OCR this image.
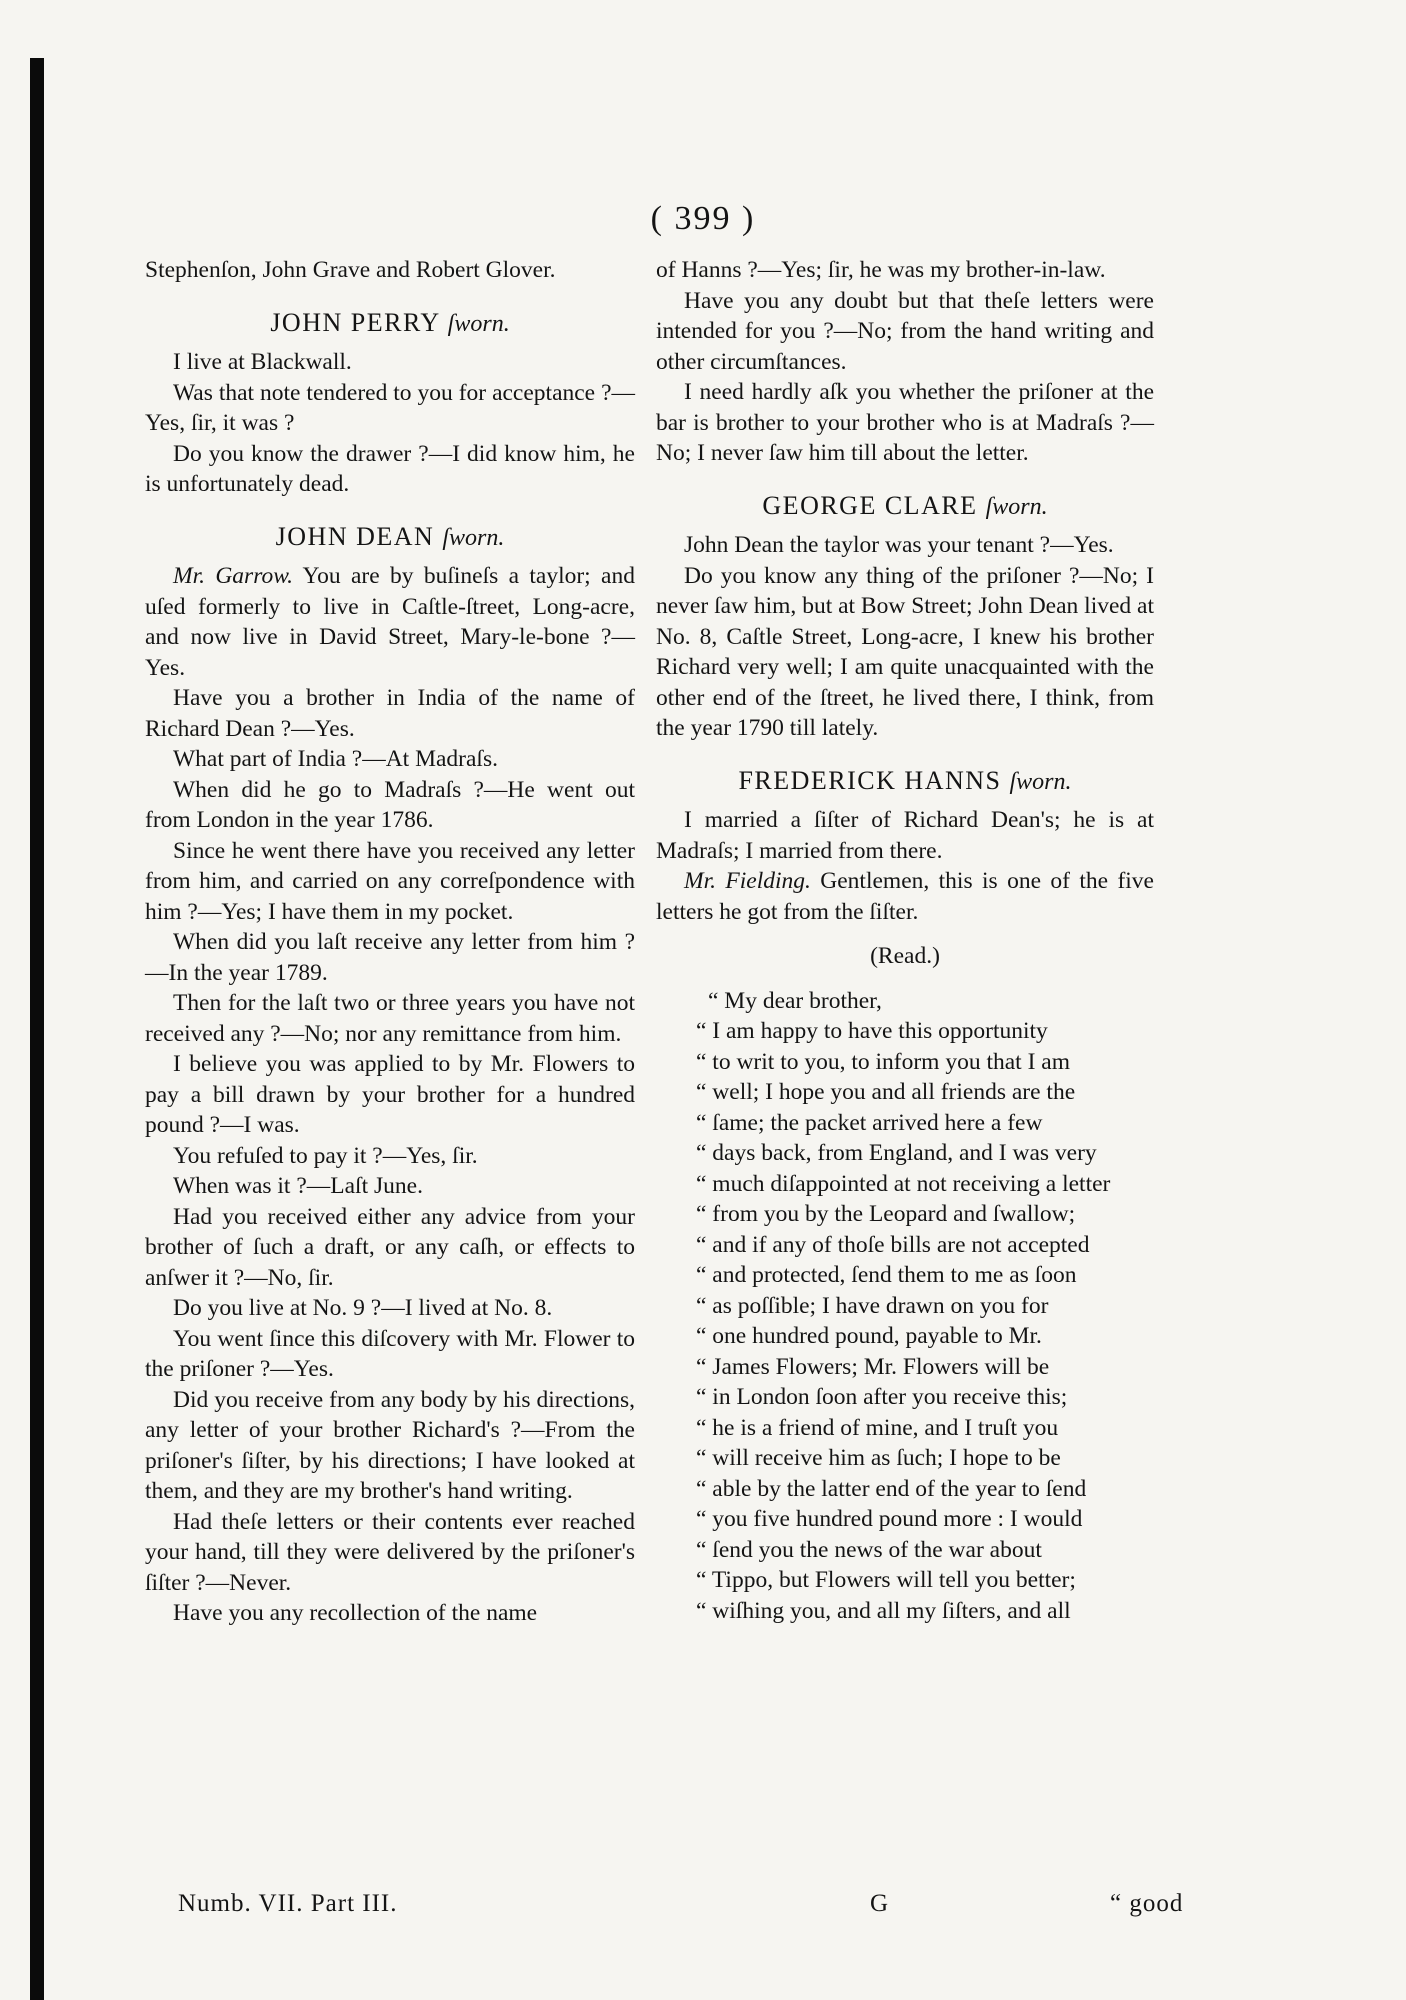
( 399 )

Stephenſon, John Grave and Robert Glover.

JOHN PERRY ſworn.

I live at Blackwall.

Was that note tendered to you for acceptance ?—Yes, ſir, it was ?

Do you know the drawer ?—I did know him, he is unfortunately dead.

JOHN DEAN ſworn.

Mr. Garrow. You are by buſineſs a taylor; and uſed formerly to live in Caſtle-ſtreet, Long-acre, and now live in David Street, Mary-le-bone ?—Yes.

Have you a brother in India of the name of Richard Dean ?—Yes.

What part of India ?—At Madraſs.

When did he go to Madraſs ?—He went out from London in the year 1786.

Since he went there have you received any letter from him, and carried on any correſpondence with him ?—Yes; I have them in my pocket.

When did you laſt receive any letter from him ?—In the year 1789.

Then for the laſt two or three years you have not received any ?—No; nor any remittance from him.

I believe you was applied to by Mr. Flowers to pay a bill drawn by your brother for a hundred pound ?—I was.

You refuſed to pay it ?—Yes, ſir.

When was it ?—Laſt June.

Had you received either any advice from your brother of ſuch a draft, or any caſh, or effects to anſwer it ?—No, ſir.

Do you live at No. 9 ?—I lived at No. 8.

You went ſince this diſcovery with Mr. Flower to the priſoner ?—Yes.

Did you receive from any body by his directions, any letter of your brother Richard's ?—From the priſoner's ſiſter, by his directions; I have looked at them, and they are my brother's hand writing.

Had theſe letters or their contents ever reached your hand, till they were delivered by the priſoner's ſiſter ?—Never.

Have you any recollection of the name

of Hanns ?—Yes; ſir, he was my brother-in-law.

Have you any doubt but that theſe letters were intended for you ?—No; from the hand writing and other circumſtances.

I need hardly aſk you whether the priſoner at the bar is brother to your brother who is at Madraſs ?—No; I never ſaw him till about the letter.

GEORGE CLARE ſworn.

John Dean the taylor was your tenant ?—Yes.

Do you know any thing of the priſoner ?—No; I never ſaw him, but at Bow Street; John Dean lived at No. 8, Caſtle Street, Long-acre, I knew his brother Richard very well; I am quite unacquainted with the other end of the ſtreet, he lived there, I think, from the year 1790 till lately.

FREDERICK HANNS ſworn.

I married a ſiſter of Richard Dean's; he is at Madraſs; I married from there.

Mr. Fielding. Gentlemen, this is one of the five letters he got from the ſiſter.

(Read.)

“ My dear brother,

“ I am happy to have this opportunity

“ to writ to you, to inform you that I am

“ well; I hope you and all friends are the

“ ſame; the packet arrived here a few

“ days back, from England, and I was very

“ much diſappointed at not receiving a letter

“ from you by the Leopard and ſwallow;

“ and if any of thoſe bills are not accepted

“ and protected, ſend them to me as ſoon

“ as poſſible; I have drawn on you for

“ one hundred pound, payable to Mr.

“ James Flowers; Mr. Flowers will be

“ in London ſoon after you receive this;

“ he is a friend of mine, and I truſt you

“ will receive him as ſuch; I hope to be

“ able by the latter end of the year to ſend

“ you five hundred pound more : I would

“ ſend you the news of the war about

“ Tippo, but Flowers will tell you better;

“ wiſhing you, and all my ſiſters, and all

Numb. VII. Part III.	G	“ good
